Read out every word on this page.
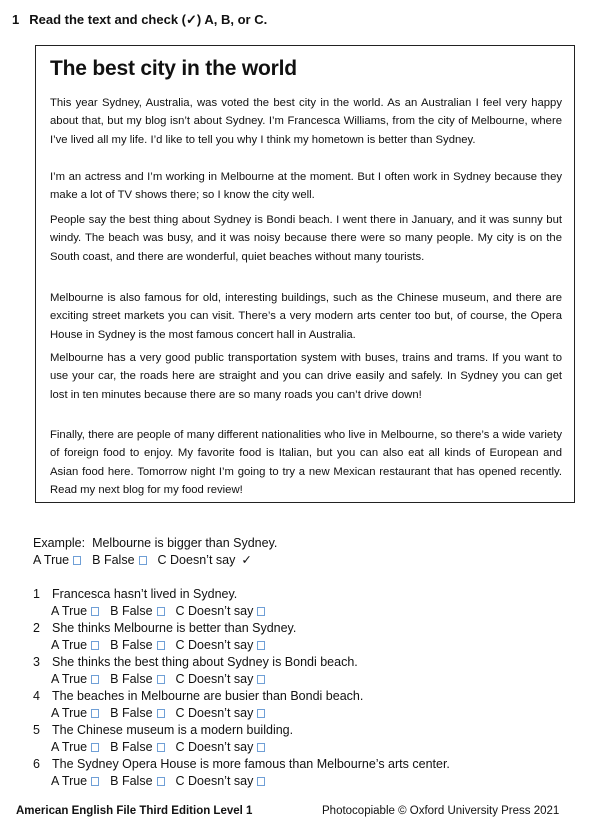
1 Read the text and check (✓) A, B, or C.
The best city in the world

This year Sydney, Australia, was voted the best city in the world. As an Australian I feel very happy about that, but my blog isn’t about Sydney. I’m Francesca Williams, from the city of Melbourne, where I’ve lived all my life. I’d like to tell you why I think my hometown is better than Sydney.

I’m an actress and I’m working in Melbourne at the moment. But I often work in Sydney because they make a lot of TV shows there; so I know the city well.

People say the best thing about Sydney is Bondi beach. I went there in January, and it was sunny but windy. The beach was busy, and it was noisy because there were so many people. My city is on the South coast, and there are wonderful, quiet beaches without many tourists.

Melbourne is also famous for old, interesting buildings, such as the Chinese museum, and there are exciting street markets you can visit. There’s a very modern arts center too but, of course, the Opera House in Sydney is the most famous concert hall in Australia.

Melbourne has a very good public transportation system with buses, trains and trams. If you want to use your car, the roads here are straight and you can drive easily and safely. In Sydney you can get lost in ten minutes because there are so many roads you can’t drive down!

Finally, there are people of many different nationalities who live in Melbourne, so there’s a wide variety of foreign food to enjoy. My favorite food is Italian, but you can also eat all kinds of European and Asian food here. Tomorrow night I’m going to try a new Mexican restaurant that has opened recently. Read my next blog for my food review!

Example: Melbourne is bigger than Sydney.
A True B False C Doesn’t say ✓
1 Francesca hasn’t lived in Sydney.
A True B False C Doesn’t say
2 She thinks Melbourne is better than Sydney.
A True B False C Doesn’t say
3 She thinks the best thing about Sydney is Bondi beach.
A True B False C Doesn’t say
4 The beaches in Melbourne are busier than Bondi beach.
A True B False C Doesn’t say
5 The Chinese museum is a modern building.
A True B False C Doesn’t say
6 The Sydney Opera House is more famous than Melbourne’s arts center.
A True B False C Doesn’t say
American English File Third Edition Level 1	Photocopiable © Oxford University Press 2021
